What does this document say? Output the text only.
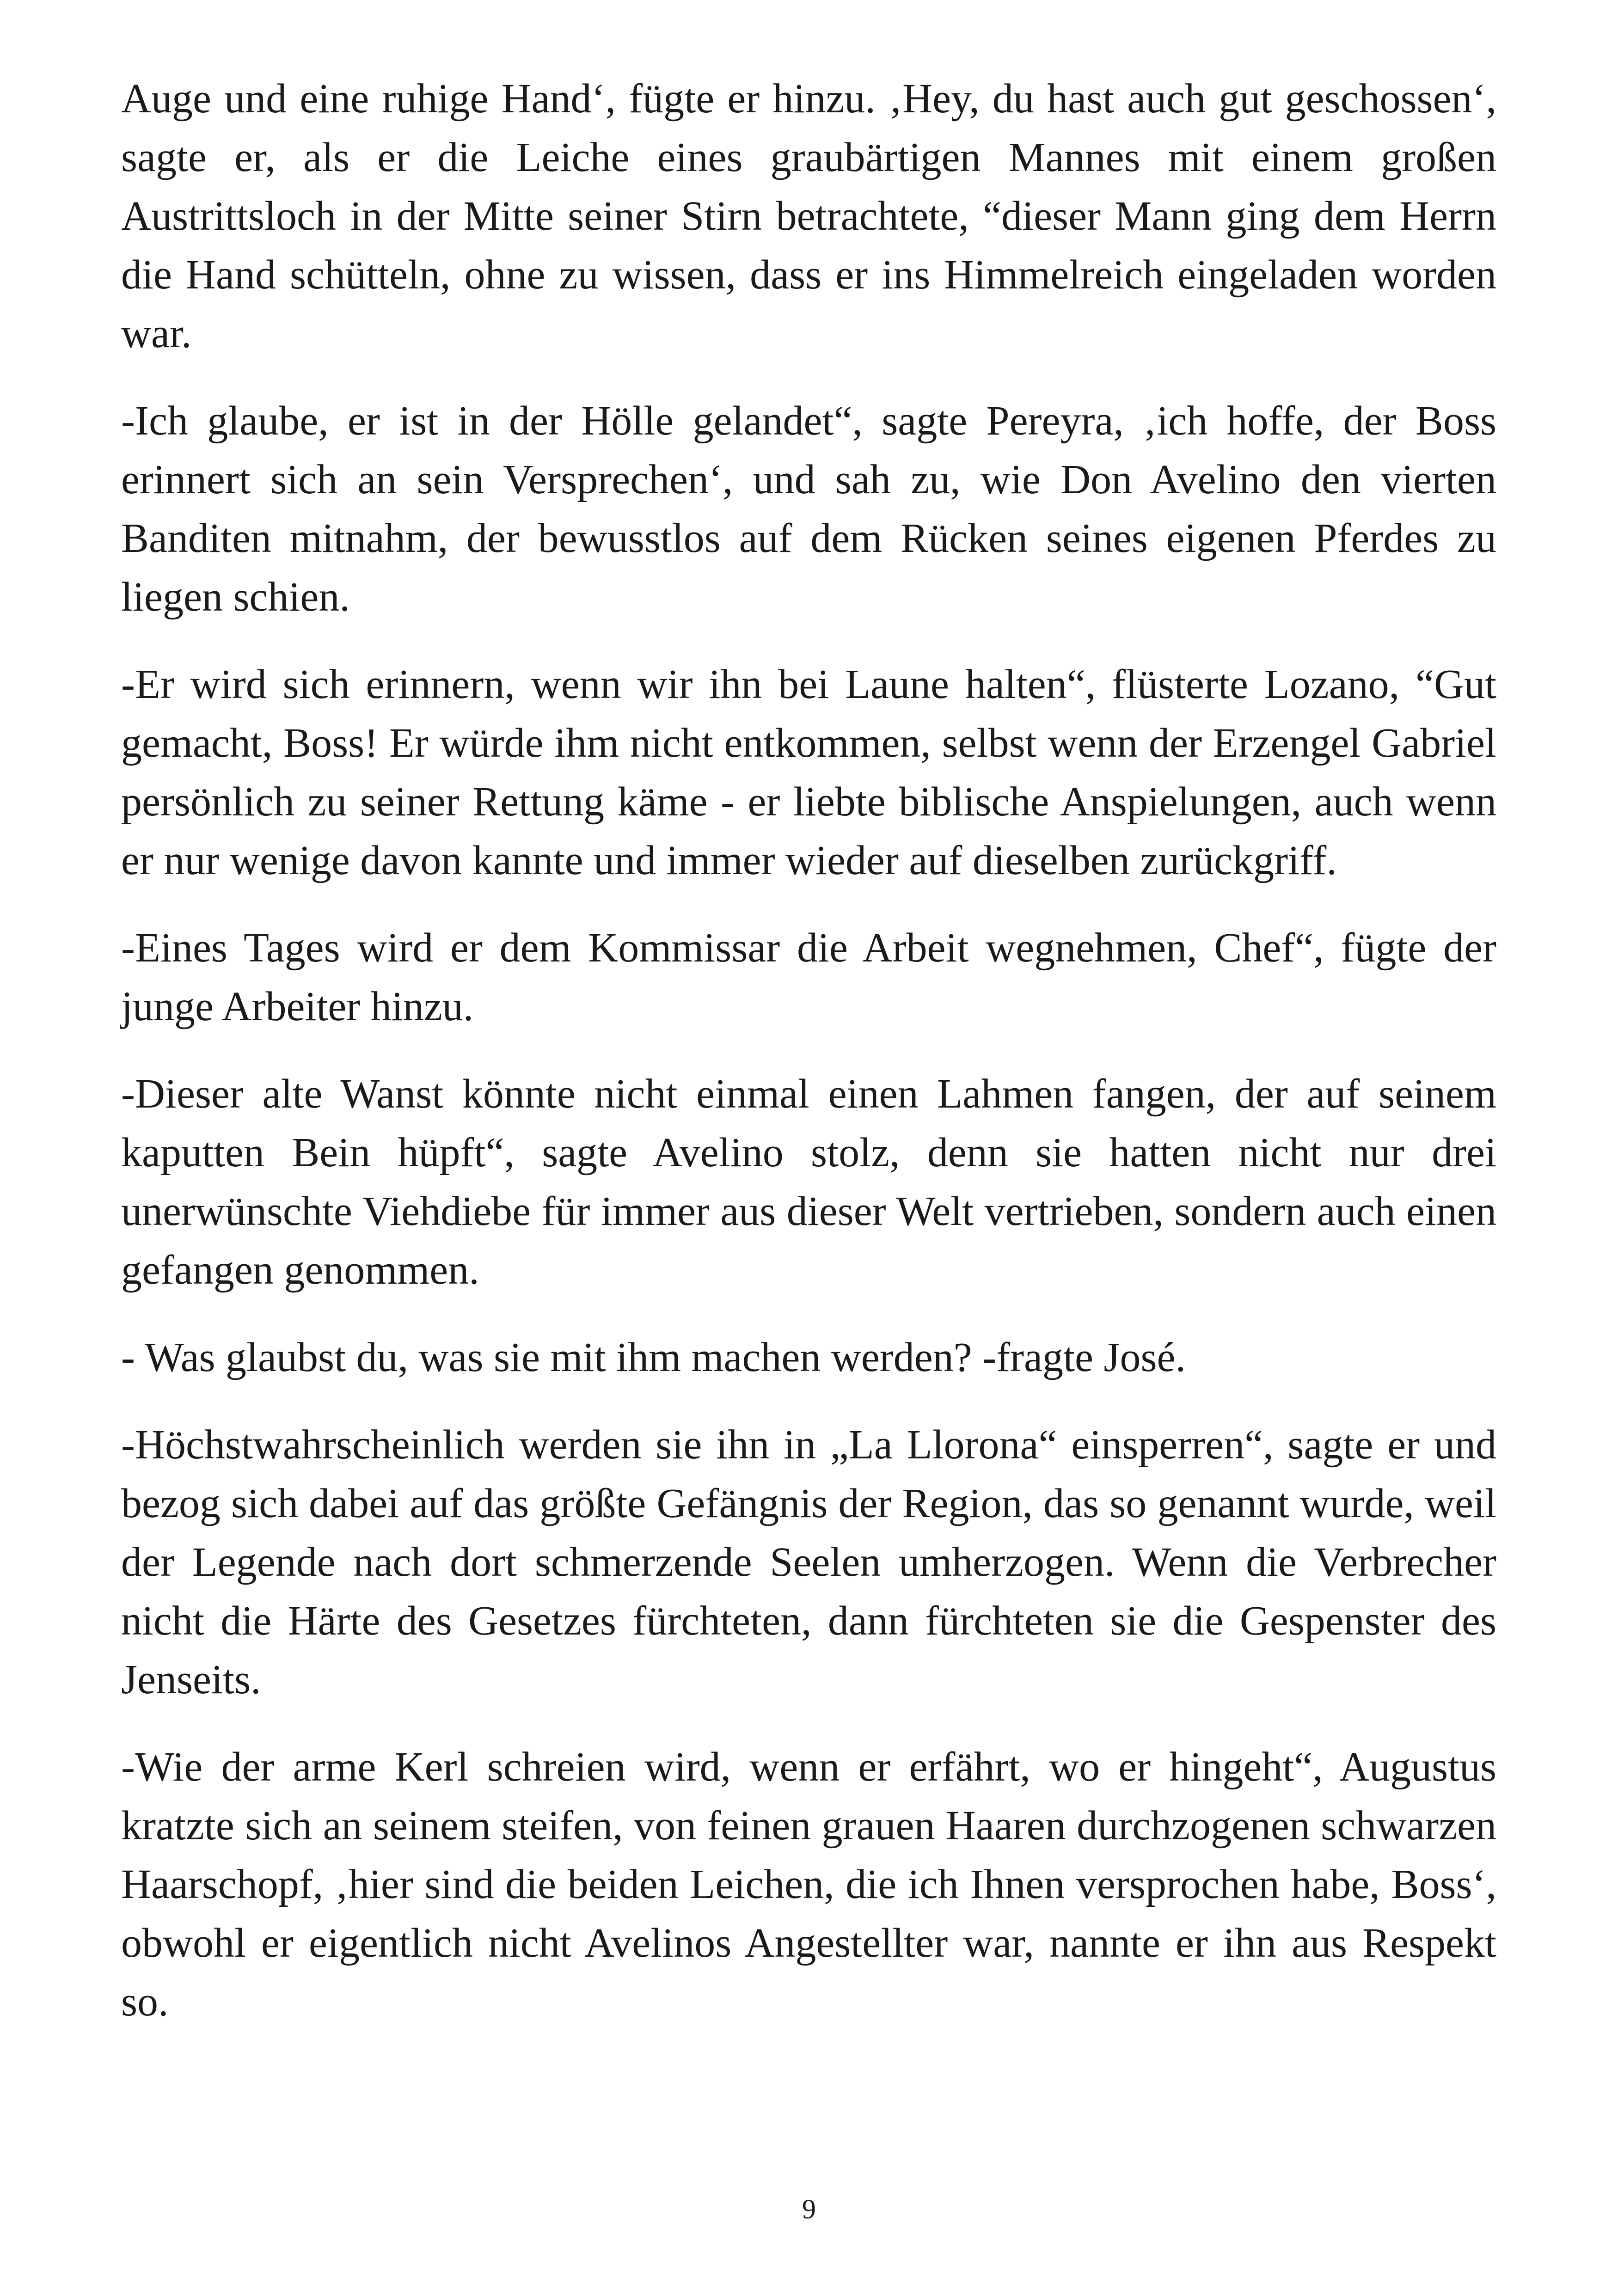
Auge und eine ruhige Hand‘, fügte er hinzu. ‚Hey, du hast auch gut geschossen‘, sagte er, als er die Leiche eines graubärtigen Mannes mit einem großen Austrittsloch in der Mitte seiner Stirn betrachtete, “dieser Mann ging dem Herrn die Hand schütteln, ohne zu wissen, dass er ins Himmelreich eingeladen worden war.

-Ich glaube, er ist in der Hölle gelandet“, sagte Pereyra, ‚ich hoffe, der Boss erinnert sich an sein Versprechen‘, und sah zu, wie Don Avelino den vierten Banditen mitnahm, der bewusstlos auf dem Rücken seines eigenen Pferdes zu liegen schien.

-Er wird sich erinnern, wenn wir ihn bei Laune halten“, flüsterte Lozano, “Gut gemacht, Boss! Er würde ihm nicht entkommen, selbst wenn der Erzengel Gabriel persönlich zu seiner Rettung käme - er liebte biblische Anspielungen, auch wenn er nur wenige davon kannte und immer wieder auf dieselben zurückgriff.

-Eines Tages wird er dem Kommissar die Arbeit wegnehmen, Chef“, fügte der junge Arbeiter hinzu.

-Dieser alte Wanst könnte nicht einmal einen Lahmen fangen, der auf seinem kaputten Bein hüpft“, sagte Avelino stolz, denn sie hatten nicht nur drei unerwünschte Viehdiebe für immer aus dieser Welt vertrieben, sondern auch einen gefangen genommen.

- Was glaubst du, was sie mit ihm machen werden? -fragte José.

-Höchstwahrscheinlich werden sie ihn in „La Llorona“ einsperren“, sagte er und bezog sich dabei auf das größte Gefängnis der Region, das so genannt wurde, weil der Legende nach dort schmerzende Seelen umherzogen. Wenn die Verbrecher nicht die Härte des Gesetzes fürchteten, dann fürchteten sie die Gespenster des Jenseits.

-Wie der arme Kerl schreien wird, wenn er erfährt, wo er hingeht“, Augustus kratzte sich an seinem steifen, von feinen grauen Haaren durchzogenen schwarzen Haarschopf, ‚hier sind die beiden Leichen, die ich Ihnen versprochen habe, Boss‘, obwohl er eigentlich nicht Avelinos Angestellter war, nannte er ihn aus Respekt so.

9
